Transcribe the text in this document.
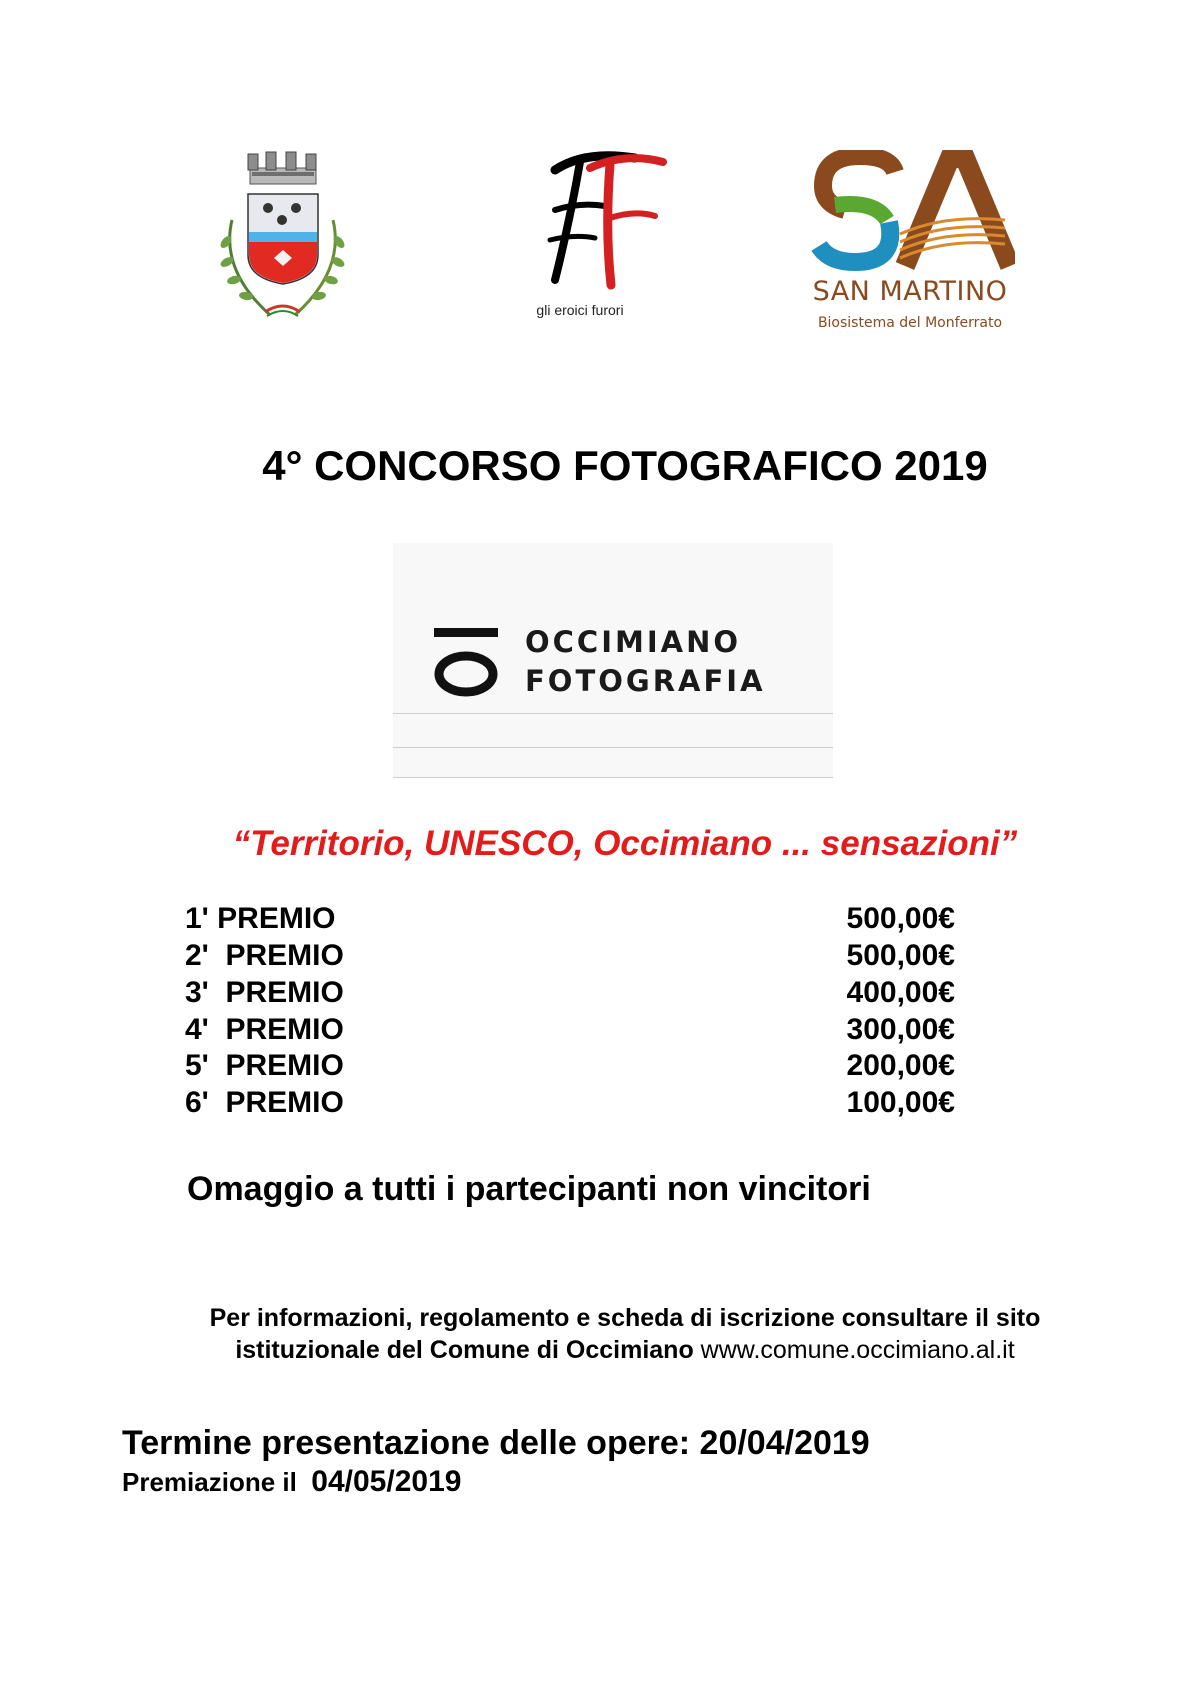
gli eroici furori
SAN MARTINO
Biosistema del Monferrato
4° CONCORSO FOTOGRAFICO 2019
OCCIMIANO
FOTOGRAFIA
“Territorio, UNESCO, Occimiano ... sensazioni”
1' PREMIO	500,00€
2'  PREMIO	500,00€
3'  PREMIO	400,00€
4'  PREMIO	300,00€
5'  PREMIO	200,00€
6'  PREMIO	100,00€
Omaggio a tutti i partecipanti non vincitori
Per informazioni, regolamento e scheda di iscrizione consultare il sito
istituzionale del Comune di Occimiano www.comune.occimiano.al.it
Termine presentazione delle opere: 20/04/2019
Premiazione il 04/05/2019
